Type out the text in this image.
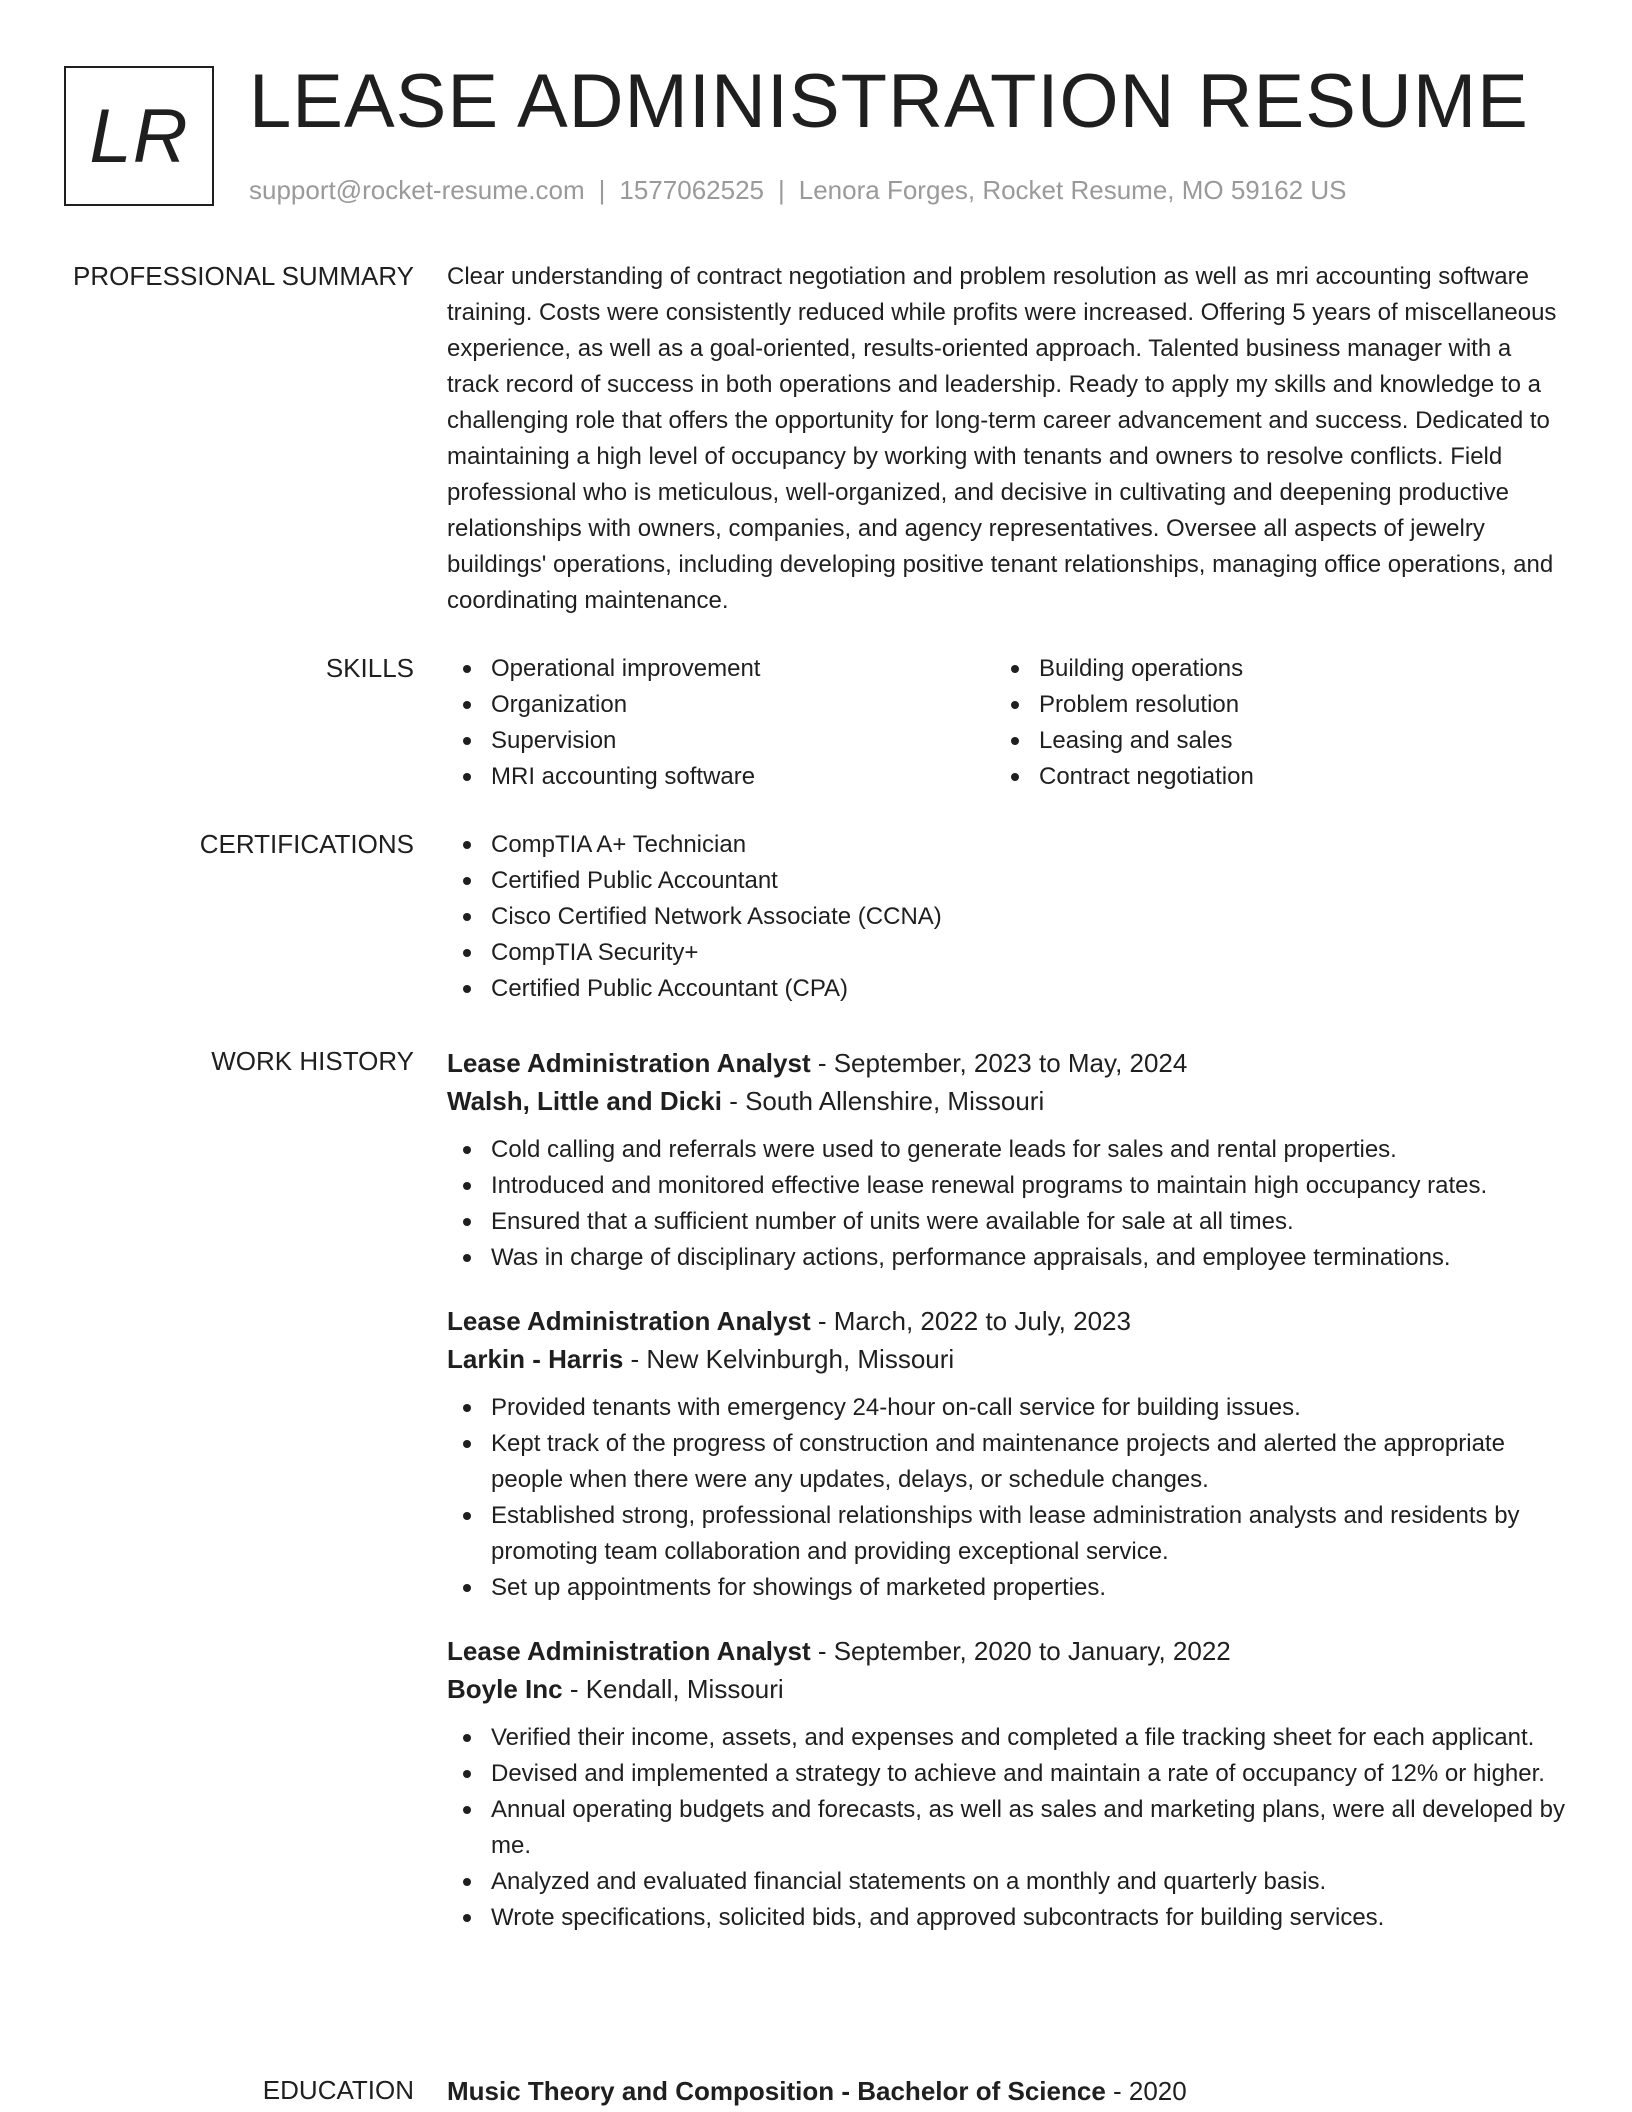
LR LEASE ADMINISTRATION RESUME
support@rocket-resume.com | 1577062525 | Lenora Forges, Rocket Resume, MO 59162 US
PROFESSIONAL SUMMARY Clear understanding of contract negotiation and problem resolution as well as mri accounting software training. Costs were consistently reduced while profits were increased. Offering 5 years of miscellaneous experience, as well as a goal-oriented, results-oriented approach. Talented business manager with a track record of success in both operations and leadership. Ready to apply my skills and knowledge to a challenging role that offers the opportunity for long-term career advancement and success. Dedicated to maintaining a high level of occupancy by working with tenants and owners to resolve conflicts. Field professional who is meticulous, well-organized, and decisive in cultivating and deepening productive relationships with owners, companies, and agency representatives. Oversee all aspects of jewelry buildings' operations, including developing positive tenant relationships, managing office operations, and coordinating maintenance.

SKILLS	Operational improvement
Organization
Supervision
MRI accounting software
Building operations
Problem resolution
Leasing and sales
Contract negotiation
CERTIFICATIONS	CompTIA A+ Technician
Certified Public Accountant
Cisco Certified Network Associate (CCNA)
CompTIA Security+
Certified Public Accountant (CPA)
WORK HISTORY Lease Administration Analyst - September, 2023 to May, 2024
Walsh, Little and Dicki - South Allenshire, Missouri
Cold calling and referrals were used to generate leads for sales and rental properties.
Introduced and monitored effective lease renewal programs to maintain high occupancy rates.
Ensured that a sufficient number of units were available for sale at all times.
Was in charge of disciplinary actions, performance appraisals, and employee terminations.
Lease Administration Analyst - March, 2022 to July, 2023
Larkin - Harris - New Kelvinburgh, Missouri
Provided tenants with emergency 24-hour on-call service for building issues.
Kept track of the progress of construction and maintenance projects and alerted the appropriate people when there were any updates, delays, or schedule changes.
Established strong, professional relationships with lease administration analysts and residents by promoting team collaboration and providing exceptional service.
Set up appointments for showings of marketed properties.
Lease Administration Analyst - September, 2020 to January, 2022
Boyle Inc - Kendall, Missouri
Verified their income, assets, and expenses and completed a file tracking sheet for each applicant.
Devised and implemented a strategy to achieve and maintain a rate of occupancy of 12% or higher.
Annual operating budgets and forecasts, as well as sales and marketing plans, were all developed by me.
Analyzed and evaluated financial statements on a monthly and quarterly basis.
Wrote specifications, solicited bids, and approved subcontracts for building services.
EDUCATION Music Theory and Composition - Bachelor of Science - 2020
